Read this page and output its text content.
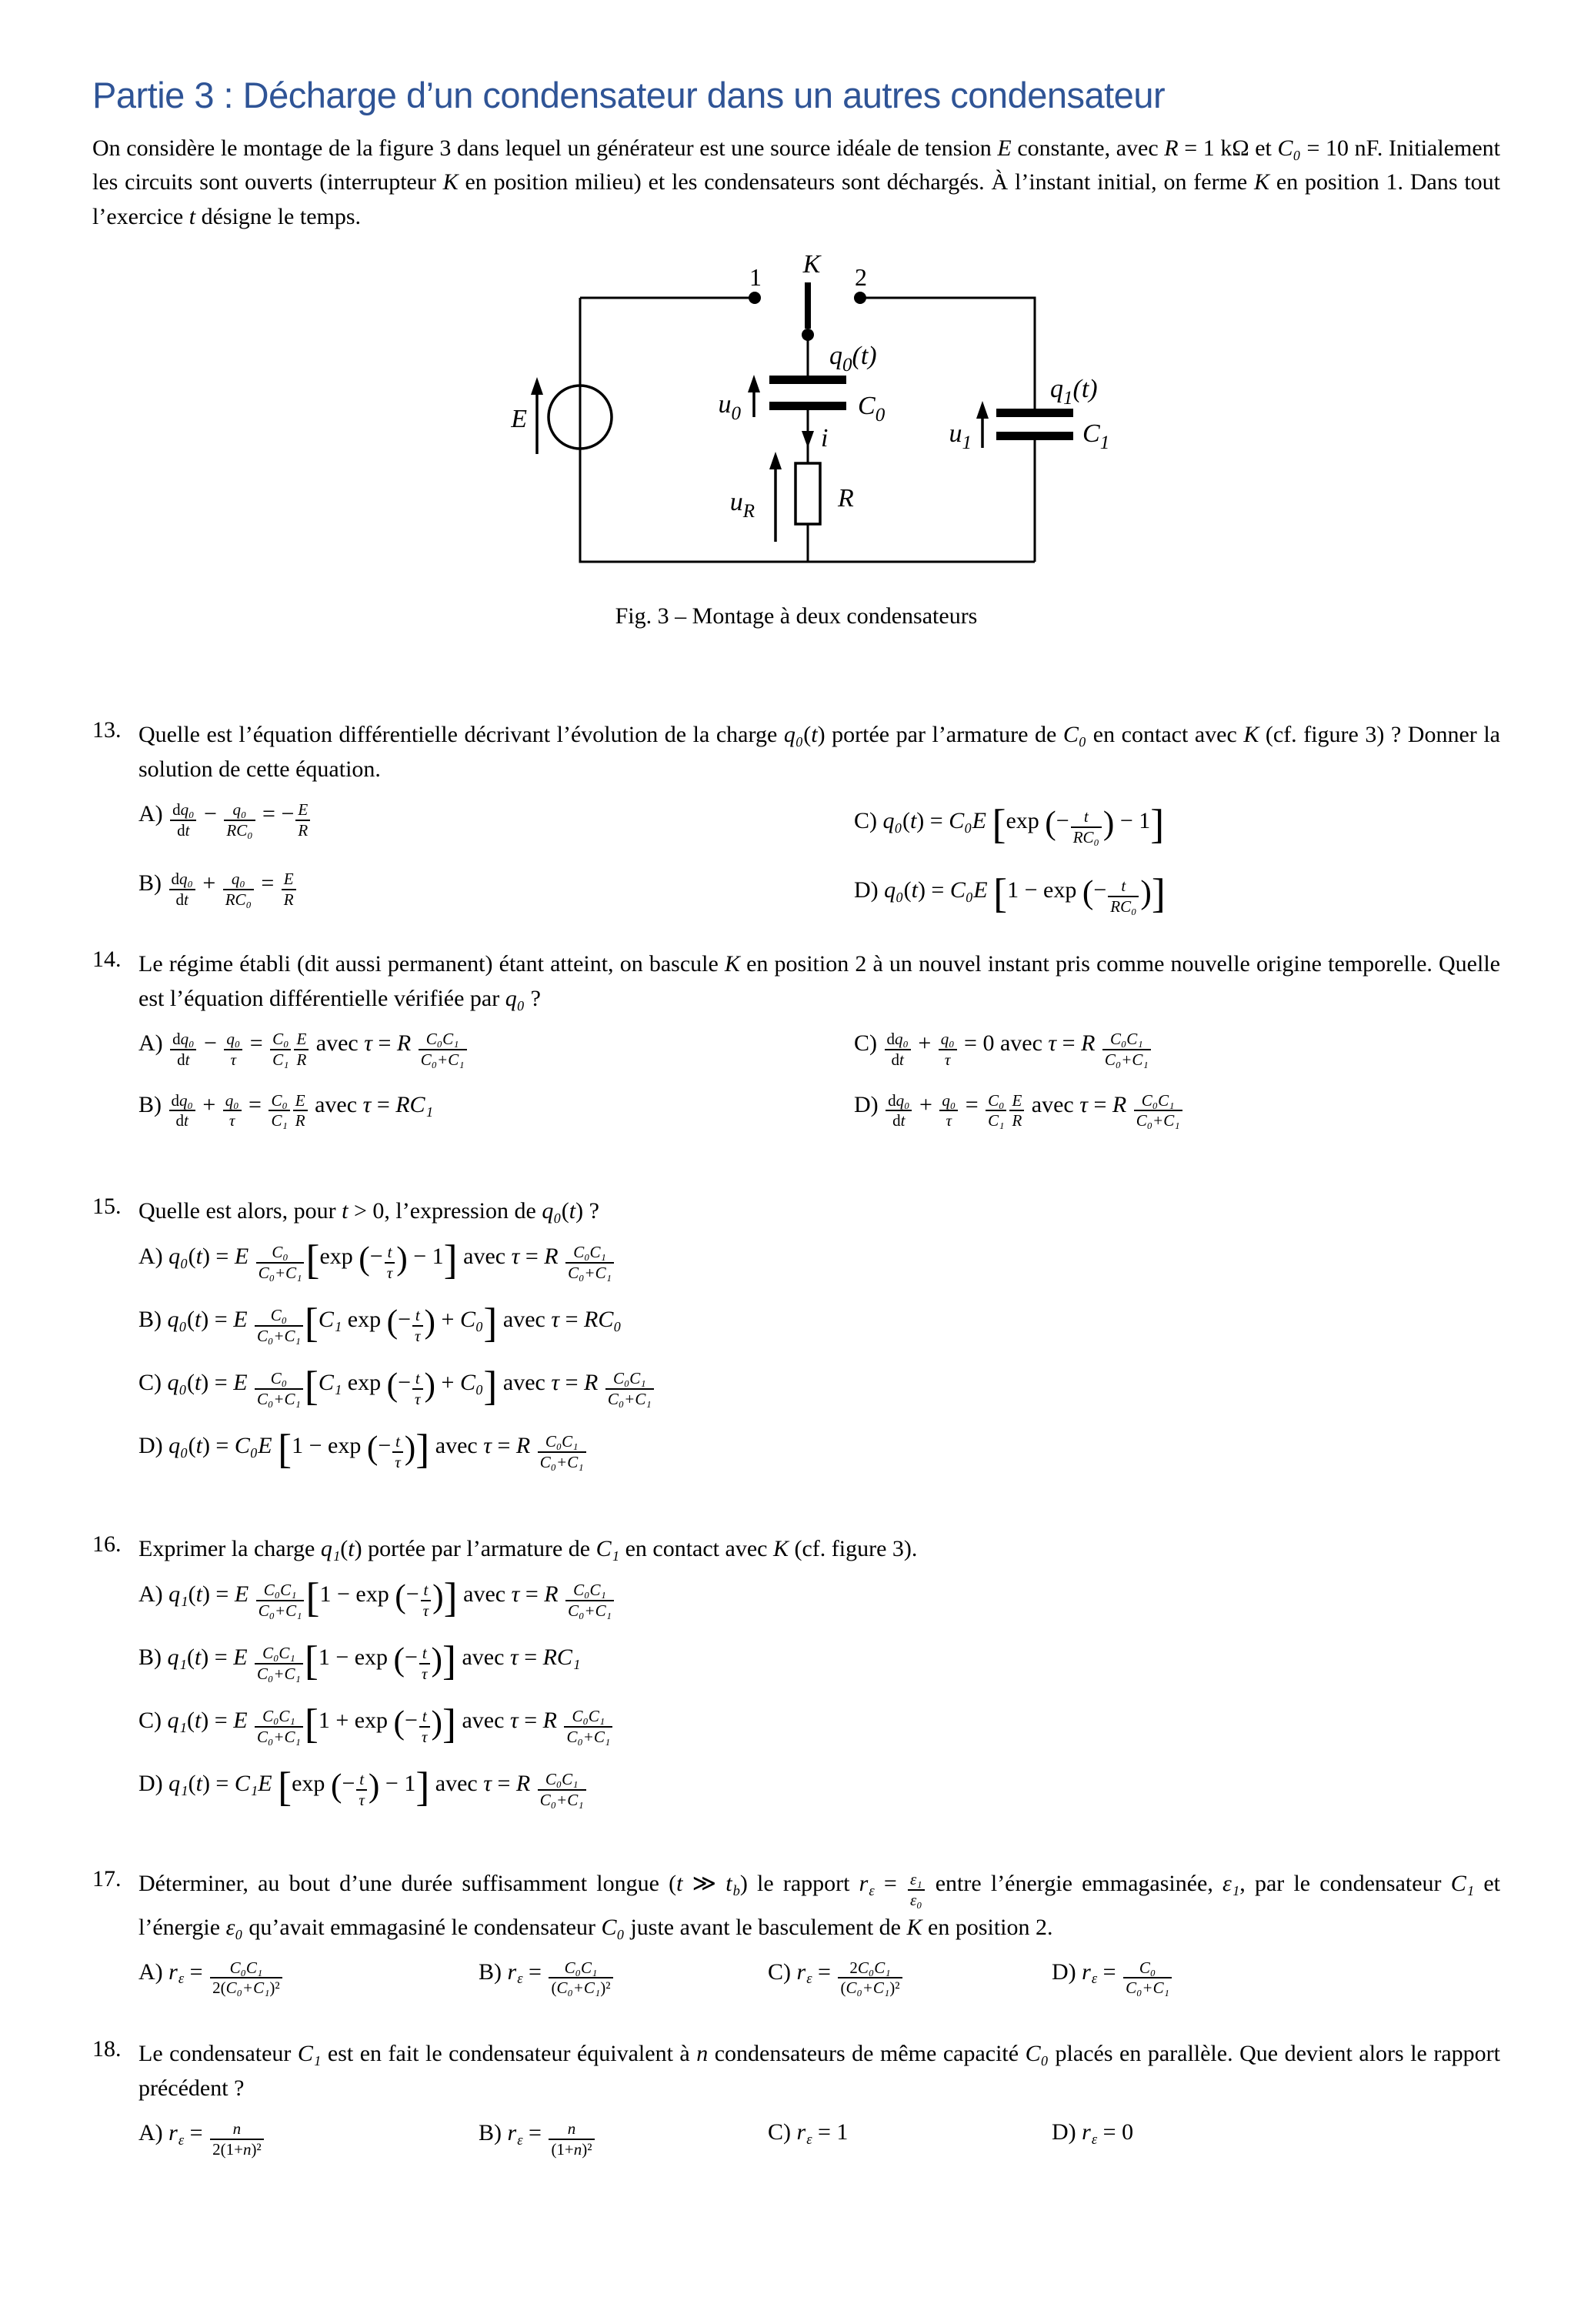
Partie 3 : Décharge d’un condensateur dans un autres condensateur
On considère le montage de la figure 3 dans lequel un générateur est une source idéale de tension E constante, avec R = 1 kΩ et C₀ = 10 nF. Initialement les circuits sont ouverts (interrupteur K en position milieu) et les condensateurs sont déchargés. À l’instant initial, on ferme K en position 1. Dans tout l’exercice t désigne le temps.
E
K
1	2
$q_0(t)$
$u_0$	$C_0$
i
$u_R$	R
$q_1(t)$
$u_1$	$C_1$
Fig. 3 – Montage à deux condensateurs
13. Quelle est l’équation différentielle décrivant l’évolution de la charge q₀(t) portée par l’armature de C₀ en contact avec K (cf. figure 3) ? Donner la solution de cette équation.
$A) \frac{\text{dq₀}}{dt} - \frac{\text{q₀}}{\text{RC₀}}$ = − $\frac{E}{R}$
$B) \frac{\text{dq₀}}{dt} + \frac{\text{q₀}}{\text{RC₀}} = \frac{E}{R}$
C) q₀(t) = C₀E [exp (− $\frac{t}{\text{RC₀}}$ ) − 1]
D) q₀(t) = C₀E [1 − exp (− $\frac{t}{\text{RC₀}}$ )]
14. Le régime établi (dit aussi permanent) étant atteint, on bascule K en position 2 à un nouvel instant pris comme nouvelle origine temporelle. Quelle est l’équation différentielle vérifiée par q₀ ?
$A) \frac{\text{dq₀}}{dt} - \frac{\text{q₀}}{\tau} = \frac{\text{C₀}}{\text{C₁}} \frac{E}{R}$ avec τ = R $\frac{\text{C₀C₁}}{\text{C₀+C₁}}$
$B) \frac{\text{dq₀}}{dt} + \frac{\text{q₀}}{\tau} = \frac{\text{C₀}}{\text{C₁}} \frac{E}{R}$ avec τ = RC₁
$C) \frac{\text{dq₀}}{dt} + \frac{\text{q₀}}{\tau} = 0$ avec τ = R $\frac{\text{C₀C₁}}{\text{C₀+C₁}}$
$D) \frac{\text{dq₀}}{dt} + \frac{\text{q₀}}{\tau} = \frac{\text{C₀}}{\text{C₁}} \frac{E}{R}$ avec τ = R $\frac{\text{C₀C₁}}{\text{C₀+C₁}}$
15. Quelle est alors, pour t > 0, l’expression de q₀(t) ?
A) q₀(t) = E $\frac{\text{C₀}}{\text{C₀+C₁}} [\exp$ (− $\frac{t}{\tau}$ ) − 1] avec τ = R $\frac{\text{C₀C₁}}{\text{C₀+C₁}}$
B) q₀(t) = E $\frac{\text{C₀}}{\text{C₀+C₁}} [C_1$ exp (− $\frac{t}{\tau}$ ) + C₀] avec τ = RC₀
C) q₀(t) = E $\frac{\text{C₀}}{\text{C₀+C₁}} [C_1$ exp (− $\frac{t}{\tau}$ ) + C₀] avec τ = R $\frac{\text{C₀C₁}}{\text{C₀+C₁}}$
D) q₀(t) = C₀E [1 − exp (− $\frac{t}{\tau}$ )] avec τ = R $\frac{\text{C₀C₁}}{\text{C₀+C₁}}$
16. Exprimer la charge q₁(t) portée par l’armature de C₁ en contact avec K (cf. figure 3).
A) q₁(t) = E $\frac{\text{C₀C₁}}{\text{C₀+C₁}} [1 - \exp$ (− $\frac{t}{\tau}$ )] avec τ = R $\frac{\text{C₀C₁}}{\text{C₀+C₁}}$
B) q₁(t) = E $\frac{\text{C₀C₁}}{\text{C₀+C₁}} [1 - \exp$ (− $\frac{t}{\tau}$ )] avec τ = RC₁
C) q₁(t) = E $\frac{\text{C₀C₁}}{\text{C₀+C₁}} [1 + \exp$ (− $\frac{t}{\tau}$ )] avec τ = R $\frac{\text{C₀C₁}}{\text{C₀+C₁}}$
D) q₁(t) = C₁E [exp (− $\frac{t}{\tau}$ ) − 1] avec τ = R $\frac{\text{C₀C₁}}{\text{C₀+C₁}}$
17. Déterminer, au bout d’une durée suffisamment longue (t ≫ tb) le rapport $r\varepsilon = \frac{\text{ε₁}}{\text{ε₀}}$ entre l’énergie emmagasinée, ε₁, par le condensateur C₁ et l’énergie ε₀ qu’avait emmagasiné le condensateur C₀ juste avant le basculement de K en position 2.
A) $r\varepsilon = \frac{\text{C₀C₁}}{\text{2(C₀+C₁)²}}$	B) $r\varepsilon = \frac{\text{C₀C₁}}{\text{(C₀+C₁)²}}$	C) $r\varepsilon = \frac{\text{2C₀C₁}}{\text{(C₀+C₁)²}}$	D) $r\varepsilon = \frac{\text{C₀}}{\text{C₀+C₁}}$
18. Le condensateur C₁ est en fait le condensateur équivalent à n condensateurs de même capacité C₀ placés en parallèle. Que devient alors le rapport précédent ?
A) $r\varepsilon = \frac{n}{\text{2(1+n)²}}$	B) $r\varepsilon = \frac{n}{\text{(1+n)²}}$	C) rε = 1	D) rε = 0
